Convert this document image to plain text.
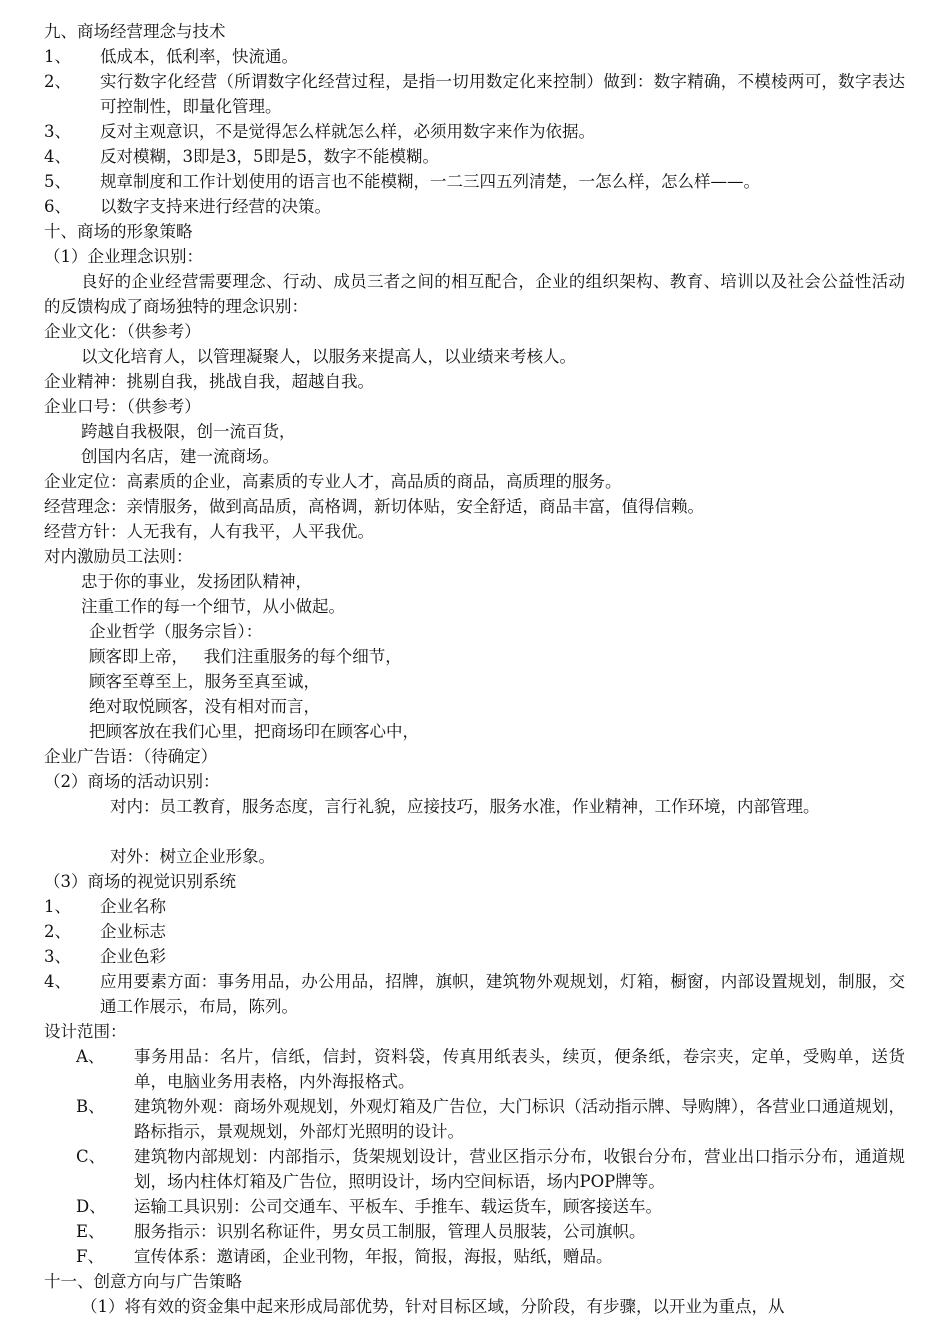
九、商场经营理念与技术
1、 低成本，低利率，快流通。
2、 实行数字化经营（所谓数字化经营过程，是指一切用数定化来控制）做到：数字精确，不模棱两可，数字表达可控制性，即量化管理。
3、 反对主观意识，不是觉得怎么样就怎么样，必须用数字来作为依据。
4、 反对模糊，3即是3，5即是5，数字不能模糊。
5、 规章制度和工作计划使用的语言也不能模糊，一二三四五列清楚，一怎么样，怎么样——。
6、 以数字支持来进行经营的决策。
十、商场的形象策略
（1）企业理念识别：
良好的企业经营需要理念、行动、成员三者之间的相互配合，企业的组织架构、教育、培训以及社会公益性活动的反馈构成了商场独特的理念识别：
企业文化：（供参考）
以文化培育人，以管理凝聚人，以服务来提高人，以业绩来考核人。
企业精神：挑剔自我，挑战自我，超越自我。
企业口号：（供参考）
跨越自我极限，创一流百货，
创国内名店，建一流商场。
企业定位：高素质的企业，高素质的专业人才，高品质的商品，高质理的服务。
经营理念：亲情服务，做到高品质，高格调，新切体贴，安全舒适，商品丰富，值得信赖。
经营方针：人无我有，人有我平，人平我优。
对内激励员工法则：
忠于你的事业，发扬团队精神，
注重工作的每一个细节，从小做起。
企业哲学（服务宗旨）：
顾客即上帝，   我们注重服务的每个细节，
顾客至尊至上，服务至真至诚，
绝对取悦顾客，没有相对而言，
把顾客放在我们心里，把商场印在顾客心中，
企业广告语：（待确定）
（2）商场的活动识别：
对内：员工教育，服务态度，言行礼貌，应接技巧，服务水准，作业精神，工作环境，内部管理。
对外：树立企业形象。
（3）商场的视觉识别系统
1、 企业名称
2、 企业标志
3、 企业色彩
4、 应用要素方面：事务用品，办公用品，招牌，旗帜，建筑物外观规划，灯箱，橱窗，内部设置规划，制服，交通工作展示，布局，陈列。
设计范围：
A、 事务用品：名片，信纸，信封，资料袋，传真用纸表头，续页，便条纸，卷宗夹，定单，受购单，送货单，电脑业务用表格，内外海报格式。
B、 建筑物外观：商场外观规划，外观灯箱及广告位，大门标识（活动指示牌、导购牌），各营业口通道规划，路标指示，景观规划，外部灯光照明的设计。
C、 建筑物内部规划：内部指示，货架规划设计，营业区指示分布，收银台分布，营业出口指示分布，通道规划，场内柱体灯箱及广告位，照明设计，场内空间标语，场内POP牌等。
D、 运输工具识别：公司交通车、平板车、手推车、载运货车，顾客接送车。
E、 服务指示：识别名称证件，男女员工制服，管理人员服装，公司旗帜。
F、 宣传体系：邀请函，企业刊物，年报，简报，海报，贴纸，赠品。
十一、创意方向与广告策略
（1）将有效的资金集中起来形成局部优势，针对目标区域，分阶段，有步骤，以开业为重点，从
